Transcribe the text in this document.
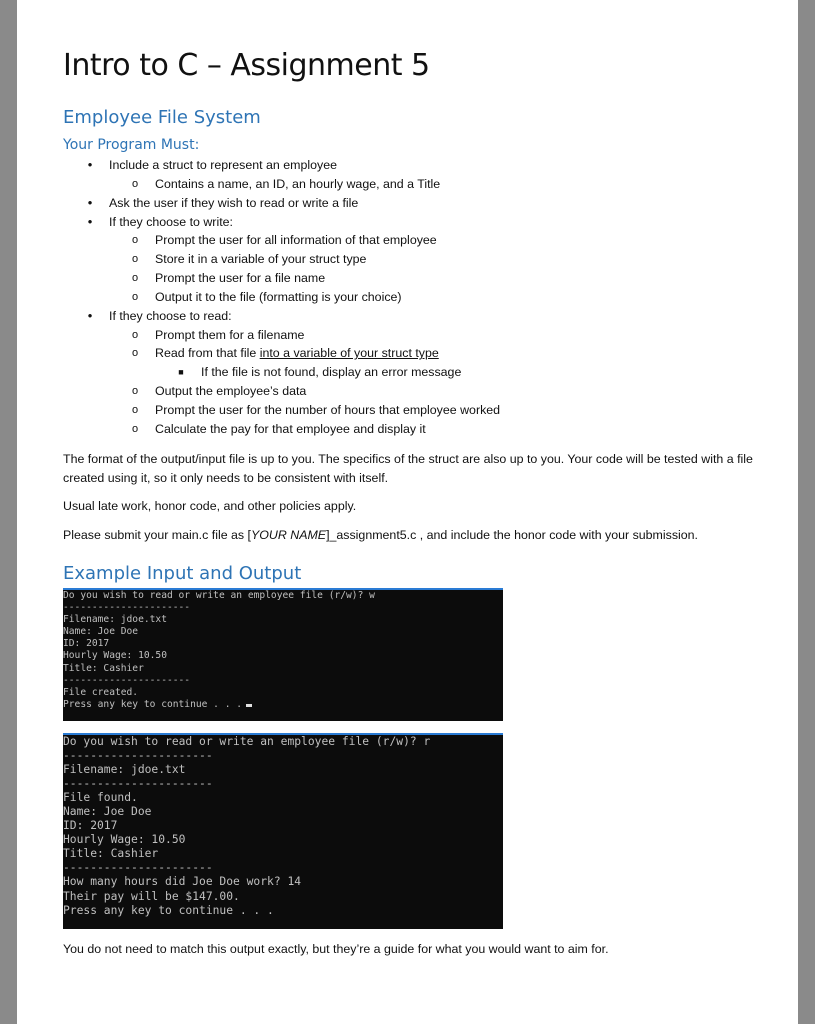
Intro to C – Assignment 5
Employee File System
Your Program Must:
• Include a struct to represent an employee
o Contains a name, an ID, an hourly wage, and a Title
• Ask the user if they wish to read or write a file
• If they choose to write:
o Prompt the user for all information of that employee
o Store it in a variable of your struct type
o Prompt the user for a file name
o Output it to the file (formatting is your choice)
• If they choose to read:
o Prompt them for a filename
o Read from that file into a variable of your struct type
■ If the file is not found, display an error message
o Output the employee’s data
o Prompt the user for the number of hours that employee worked
o Calculate the pay for that employee and display it

The format of the output/input file is up to you. The specifics of the struct are also up to you. Your code will be tested with a file created using it, so it only needs to be consistent with itself.

Usual late work, honor code, and other policies apply.

Please submit your main.c file as [YOUR NAME]_assignment5.c , and include the honor code with your submission.

Example Input and Output
Do you wish to read or write an employee file (r/w)? w
----------------------
Filename: jdoe.txt
Name: Joe Doe
ID: 2017
Hourly Wage: 10.50
Title: Cashier
----------------------
File created.
Press any key to continue . . .
Do you wish to read or write an employee file (r/w)? r
----------------------
Filename: jdoe.txt
----------------------
File found.
Name: Joe Doe
ID: 2017
Hourly Wage: 10.50
Title: Cashier
----------------------
How many hours did Joe Doe work? 14
Their pay will be $147.00.
Press any key to continue . . .

You do not need to match this output exactly, but they’re a guide for what you would want to aim for.
